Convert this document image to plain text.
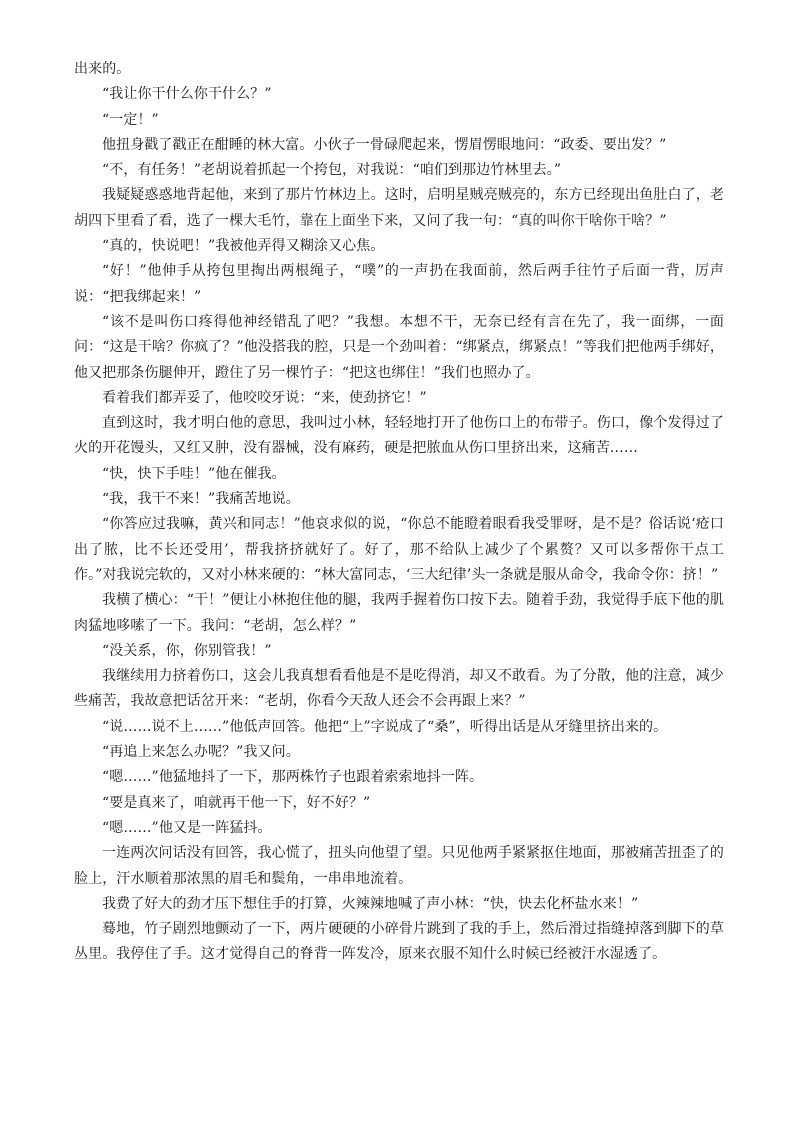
出来的。

“我让你干什么你干什么？”

“一定！”

他扭身戳了戳正在酣睡的林大富。小伙子一骨碌爬起来，愣眉愣眼地问：“政委、要出发？”

“不，有任务！”老胡说着抓起一个挎包，对我说：“咱们到那边竹林里去。”

我疑疑惑惑地背起他，来到了那片竹林边上。这时，启明星贼亮贼亮的，东方已经现出鱼肚白了，老胡四下里看了看，选了一棵大毛竹，靠在上面坐下来，又问了我一句：“真的叫你干啥你干啥？”

“真的，快说吧！”我被他弄得又糊涂又心焦。

“好！”他伸手从挎包里掏出两根绳子，“噗”的一声扔在我面前，然后两手往竹子后面一背，厉声说：“把我绑起来！”

“该不是叫伤口疼得他神经错乱了吧？”我想。本想不干，无奈已经有言在先了，我一面绑，一面问：“这是干啥？你疯了？”他没搭我的腔，只是一个劲叫着：“绑紧点，绑紧点！”等我们把他两手绑好，他又把那条伤腿伸开，蹬住了另一棵竹子：“把这也绑住！”我们也照办了。

看着我们都弄妥了，他咬咬牙说：“来，使劲挤它！”

直到这时，我才明白他的意思，我叫过小林，轻轻地打开了他伤口上的布带子。伤口，像个发得过了火的开花馒头，又红又肿，没有器械，没有麻药，硬是把脓血从伤口里挤出来，这痛苦……

“快，快下手哇！”他在催我。

“我，我干不来！”我痛苦地说。

“你答应过我嘛，黄兴和同志！”他哀求似的说，“你总不能瞪着眼看我受罪呀，是不是？俗话说‘疮口出了脓，比不长还受用’，帮我挤挤就好了。好了，那不给队上减少了个累赘？又可以多帮你干点工作。”对我说完软的，又对小林来硬的：“林大富同志，‘三大纪律’头一条就是服从命令，我命令你：挤！”

我横了横心：“干！”便让小林抱住他的腿，我两手握着伤口按下去。随着手劲，我觉得手底下他的肌肉猛地哆嗦了一下。我问：“老胡，怎么样？”

“没关系，你，你别管我！”

我继续用力挤着伤口，这会儿我真想看看他是不是吃得消，却又不敢看。为了分散，他的注意，减少些痛苦，我故意把话岔开来：“老胡，你看今天敌人还会不会再跟上来？”

“说……说不上……”他低声回答。他把“上”字说成了“桑”，听得出话是从牙缝里挤出来的。

“再追上来怎么办呢？”我又问。

“嗯……”他猛地抖了一下，那两株竹子也跟着索索地抖一阵。

“要是真来了，咱就再干他一下，好不好？”

“嗯……”他又是一阵猛抖。

一连两次问话没有回答，我心慌了，扭头向他望了望。只见他两手紧紧抠住地面，那被痛苦扭歪了的脸上，汗水顺着那浓黑的眉毛和鬓角，一串串地流着。

我费了好大的劲才压下想住手的打算，火辣辣地喊了声小林：“快，快去化杯盐水来！”

蓦地，竹子剧烈地颤动了一下，两片硬硬的小碎骨片跳到了我的手上，然后滑过指缝掉落到脚下的草丛里。我停住了手。这才觉得自己的脊背一阵发冷，原来衣服不知什么时候已经被汗水湿透了。
